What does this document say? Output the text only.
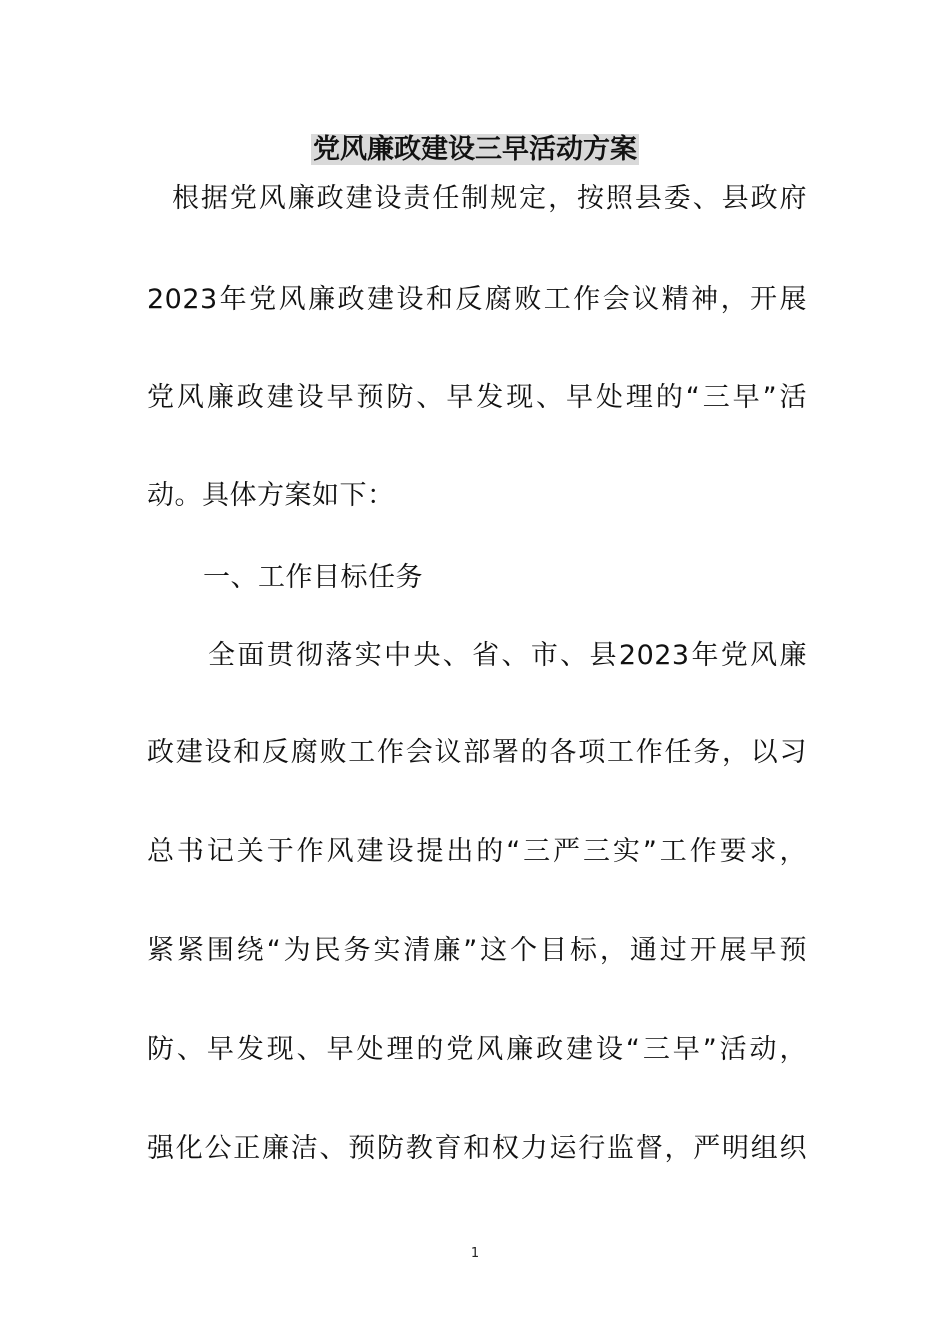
党风廉政建设三早活动方案
根据党风廉政建设责任制规定，按照县委、县政府
2023年党风廉政建设和反腐败工作会议精神，开展
党风廉政建设早预防、早发现、早处理的“三早”活
动。具体方案如下：
一、工作目标任务
全面贯彻落实中央、省、市、县2023年党风廉
政建设和反腐败工作会议部署的各项工作任务，以习
总书记关于作风建设提出的“三严三实”工作要求，
紧紧围绕“为民务实清廉”这个目标，通过开展早预
防、早发现、早处理的党风廉政建设“三早”活动，
强化公正廉洁、预防教育和权力运行监督，严明组织
1
